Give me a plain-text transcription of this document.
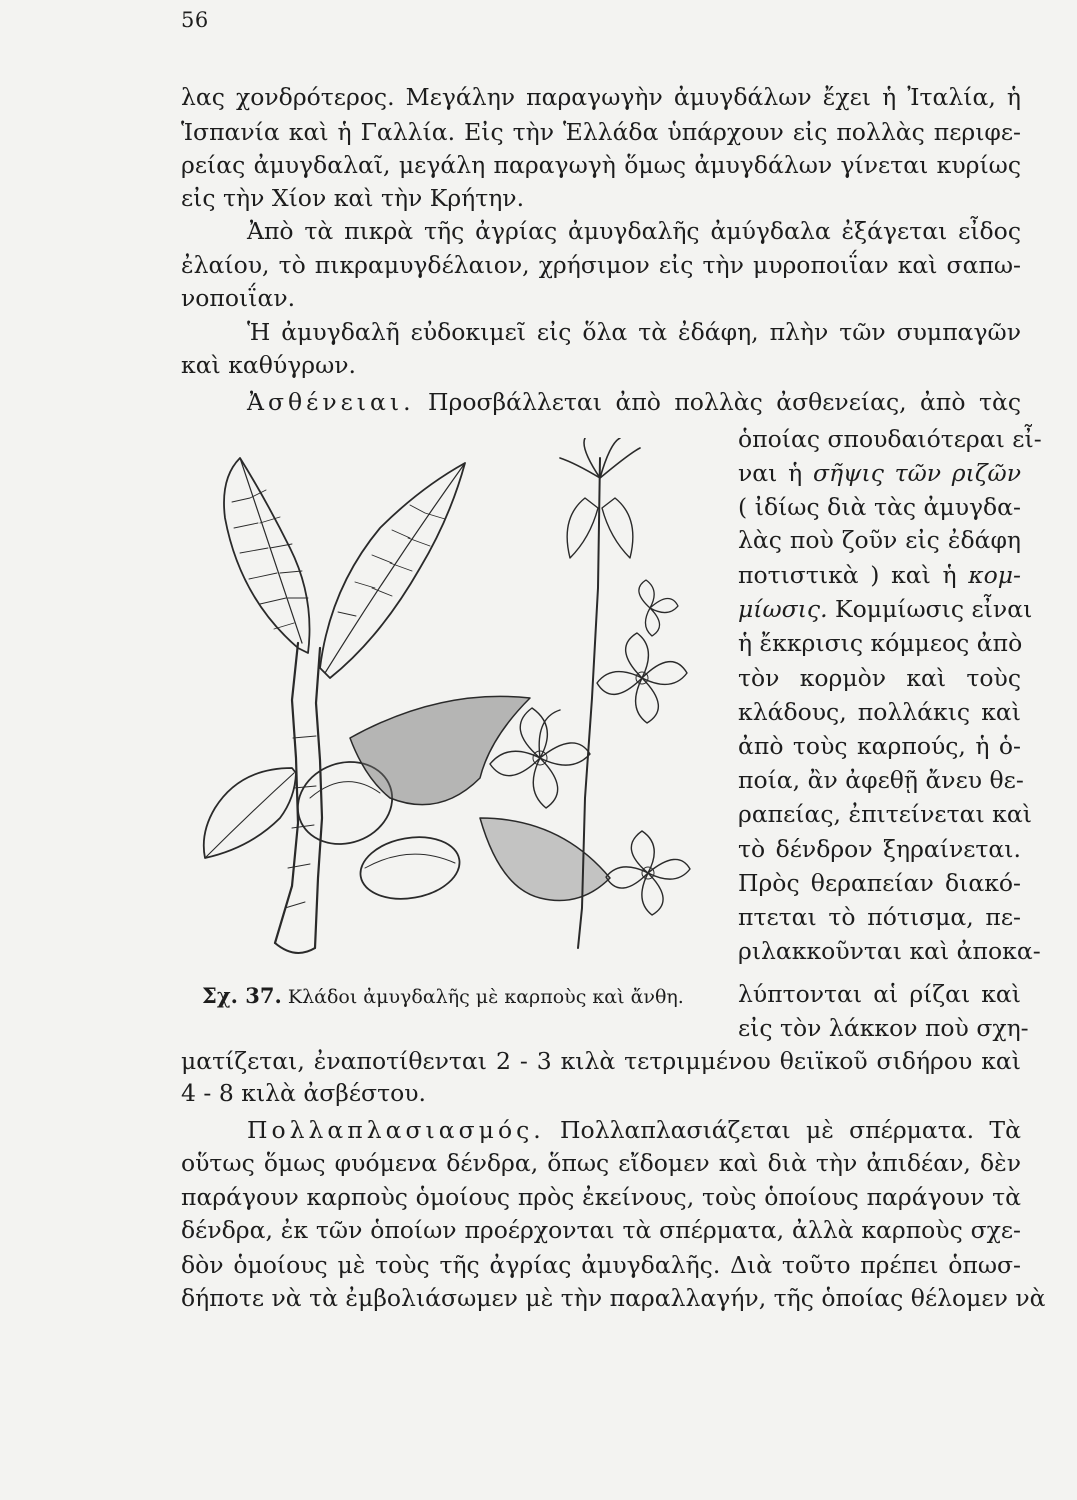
56
λας χονδρότερος. Μεγάλην παραγωγὴν ἀμυγδάλων ἔχει ἡ Ἰταλία, ἡ
Ἱσπανία καὶ ἡ Γαλλία. Εἰς τὴν Ἑλλάδα ὑπάρχουν εἰς πολλὰς περιφε-
ρείας ἀμυγδαλαῖ, μεγάλη παραγωγὴ ὅμως ἀμυγδάλων γίνεται κυρίως
εἰς τὴν Χίον καὶ τὴν Κρήτην.
Ἀπὸ τὰ πικρὰ τῆς ἀγρίας ἀμυγδαλῆς ἀμύγδαλα ἐξάγεται εἶδος
ἐλαίου, τὸ πικραμυγδέλαιον, χρήσιμον εἰς τὴν μυροποιΐαν καὶ σαπω-
νοποιΐαν.
Ἡ ἀμυγδαλῆ εὐδοκιμεῖ εἰς ὅλα τὰ ἐδάφη, πλὴν τῶν συμπαγῶν
καὶ καθύγρων.
Ἀσθένειαι. Προσβάλλεται ἀπὸ πολλὰς ἀσθενείας, ἀπὸ τὰς
ὁποίας σπουδαιότεραι εἶ-
ναι ἡ σῆψις τῶν ριζῶν
( ἰδίως διὰ τὰς ἀμυγδα-
λὰς ποὺ ζοῦν εἰς ἐδάφη
ποτιστικὰ ) καὶ ἡ κομ-
μίωσις. Κομμίωσις εἶναι
ἡ ἔκκρισις κόμμεος ἀπὸ
τὸν κορμὸν καὶ τοὺς
κλάδους, πολλάκις καὶ
ἀπὸ τοὺς καρπούς, ἡ ὁ-
ποία, ἂν ἀφεθῇ ἄνευ θε-
ραπείας, ἐπιτείνεται καὶ
τὸ δένδρον ξηραίνεται.
Πρὸς θεραπείαν διακό-
πτεται τὸ πότισμα, πε-
ριλακκοῦνται καὶ ἀποκα-
λύπτονται αἱ ρίζαι καὶ
εἰς τὸν λάκκον ποὺ σχη-
Σχ. 37. Κλάδοι ἀμυγδαλῆς μὲ καρποὺς καὶ ἄνθη.
ματίζεται, ἐναποτίθενται 2 - 3 κιλὰ τετριμμένου θειϊκοῦ σιδήρου καὶ
4 - 8 κιλὰ ἀσβέστου.
Πολλαπλασιασμός. Πολλαπλασιάζεται μὲ σπέρματα. Τὰ
οὕτως ὅμως φυόμενα δένδρα, ὅπως εἴδομεν καὶ διὰ τὴν ἀπιδέαν, δὲν
παράγουν καρποὺς ὁμοίους πρὸς ἐκείνους, τοὺς ὁποίους παράγουν τὰ
δένδρα, ἐκ τῶν ὁποίων προέρχονται τὰ σπέρματα, ἀλλὰ καρποὺς σχε-
δὸν ὁμοίους μὲ τοὺς τῆς ἀγρίας ἀμυγδαλῆς. Διὰ τοῦτο πρέπει ὁπωσ-
δήποτε νὰ τὰ ἐμβολιάσωμεν μὲ τὴν παραλλαγήν, τῆς ὁποίας θέλομεν νὰ
